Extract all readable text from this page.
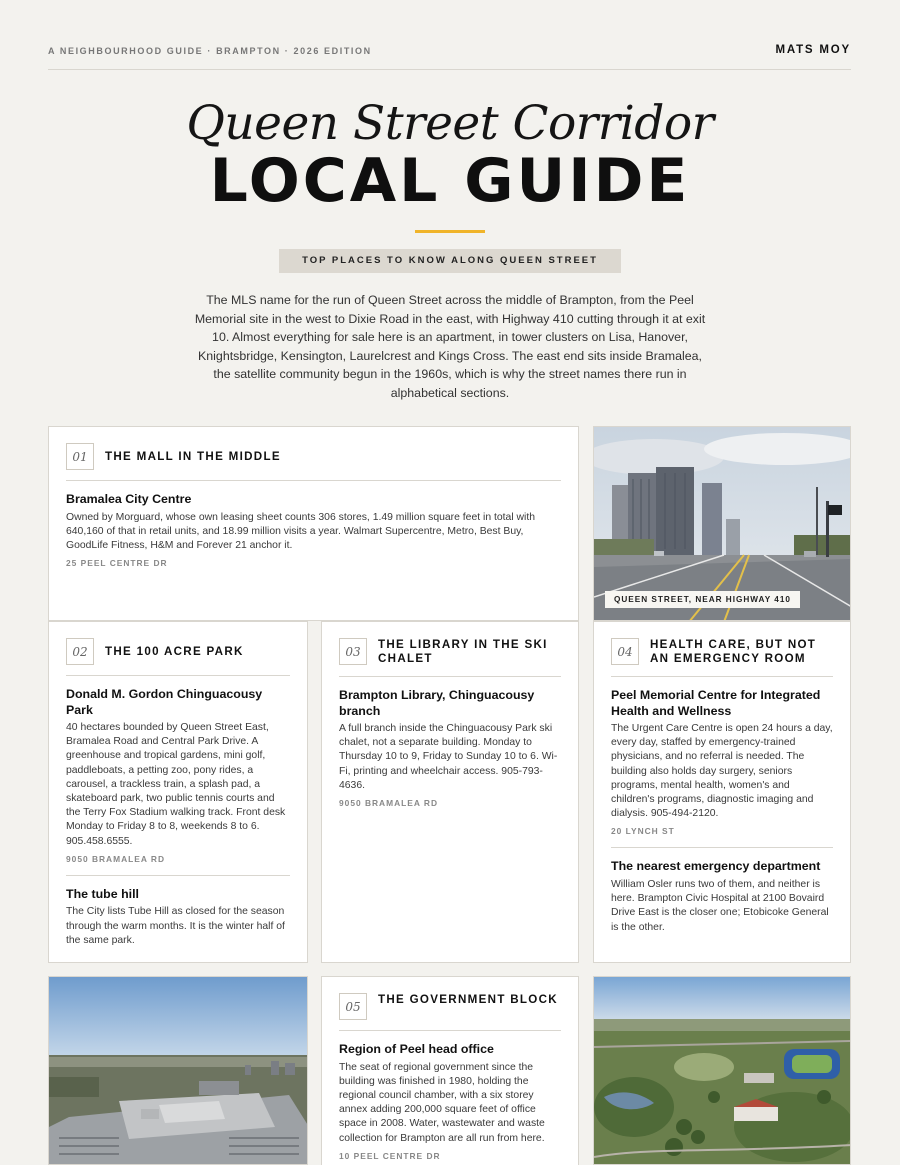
A NEIGHBOURHOOD GUIDE · BRAMPTON · 2026 EDITION	MATS MOY
Queen Street Corridor
LOCAL GUIDE
TOP PLACES TO KNOW ALONG QUEEN STREET

The MLS name for the run of Queen Street across the middle of Brampton, from the Peel Memorial site in the west to Dixie Road in the east, with Highway 410 cutting through it at exit 10. Almost everything for sale here is an apartment, in tower clusters on Lisa, Hanover, Knightsbridge, Kensington, Laurelcrest and Kings Cross. The east end sits inside Bramalea, the satellite community begun in the 1960s, which is why the street names there run in alphabetical sections.

01	THE MALL IN THE MIDDLE
Bramalea City Centre
Owned by Morguard, whose own leasing sheet counts 306 stores, 1.49 million square feet in total with 640,160 of that in retail units, and 18.99 million visits a year. Walmart Supercentre, Metro, Best Buy, GoodLife Fitness, H&M and Forever 21 anchor it.
25 PEEL CENTRE DR
QUEEN STREET, NEAR HIGHWAY 410
02	THE 100 ACRE PARK
Donald M. Gordon Chinguacousy Park
40 hectares bounded by Queen Street East, Bramalea Road and Central Park Drive. A greenhouse and tropical gardens, mini golf, paddleboats, a petting zoo, pony rides, a carousel, a trackless train, a splash pad, a skateboard park, two public tennis courts and the Terry Fox Stadium walking track. Front desk Monday to Friday 8 to 8, weekends 8 to 6. 905.458.6555.
9050 BRAMALEA RD
The tube hill
The City lists Tube Hill as closed for the season through the warm months. It is the winter half of the same park.
03
THE LIBRARY IN THE SKI CHALET
Brampton Library, Chinguacousy branch
A full branch inside the Chinguacousy Park ski chalet, not a separate building. Monday to Thursday 10 to 9, Friday to Sunday 10 to 6. Wi-Fi, printing and wheelchair access. 905-793-4636.
9050 BRAMALEA RD
04
HEALTH CARE, BUT NOT AN EMERGENCY ROOM
Peel Memorial Centre for Integrated Health and Wellness
The Urgent Care Centre is open 24 hours a day, every day, staffed by emergency-trained physicians, and no referral is needed. The building also holds day surgery, seniors programs, mental health, women's and children's programs, diagnostic imaging and dialysis. 905-494-2120.
20 LYNCH ST
The nearest emergency department
William Osler runs two of them, and neither is here. Brampton Civic Hospital at 2100 Bovaird Drive East is the closer one; Etobicoke General is the other.
05
THE GOVERNMENT BLOCK
Region of Peel head office
The seat of regional government since the building was finished in 1980, holding the regional council chamber, with a six storey annex adding 200,000 square feet of office space in 2008. Water, wastewater and waste collection for Brampton are all run from here.
10 PEEL CENTRE DR
